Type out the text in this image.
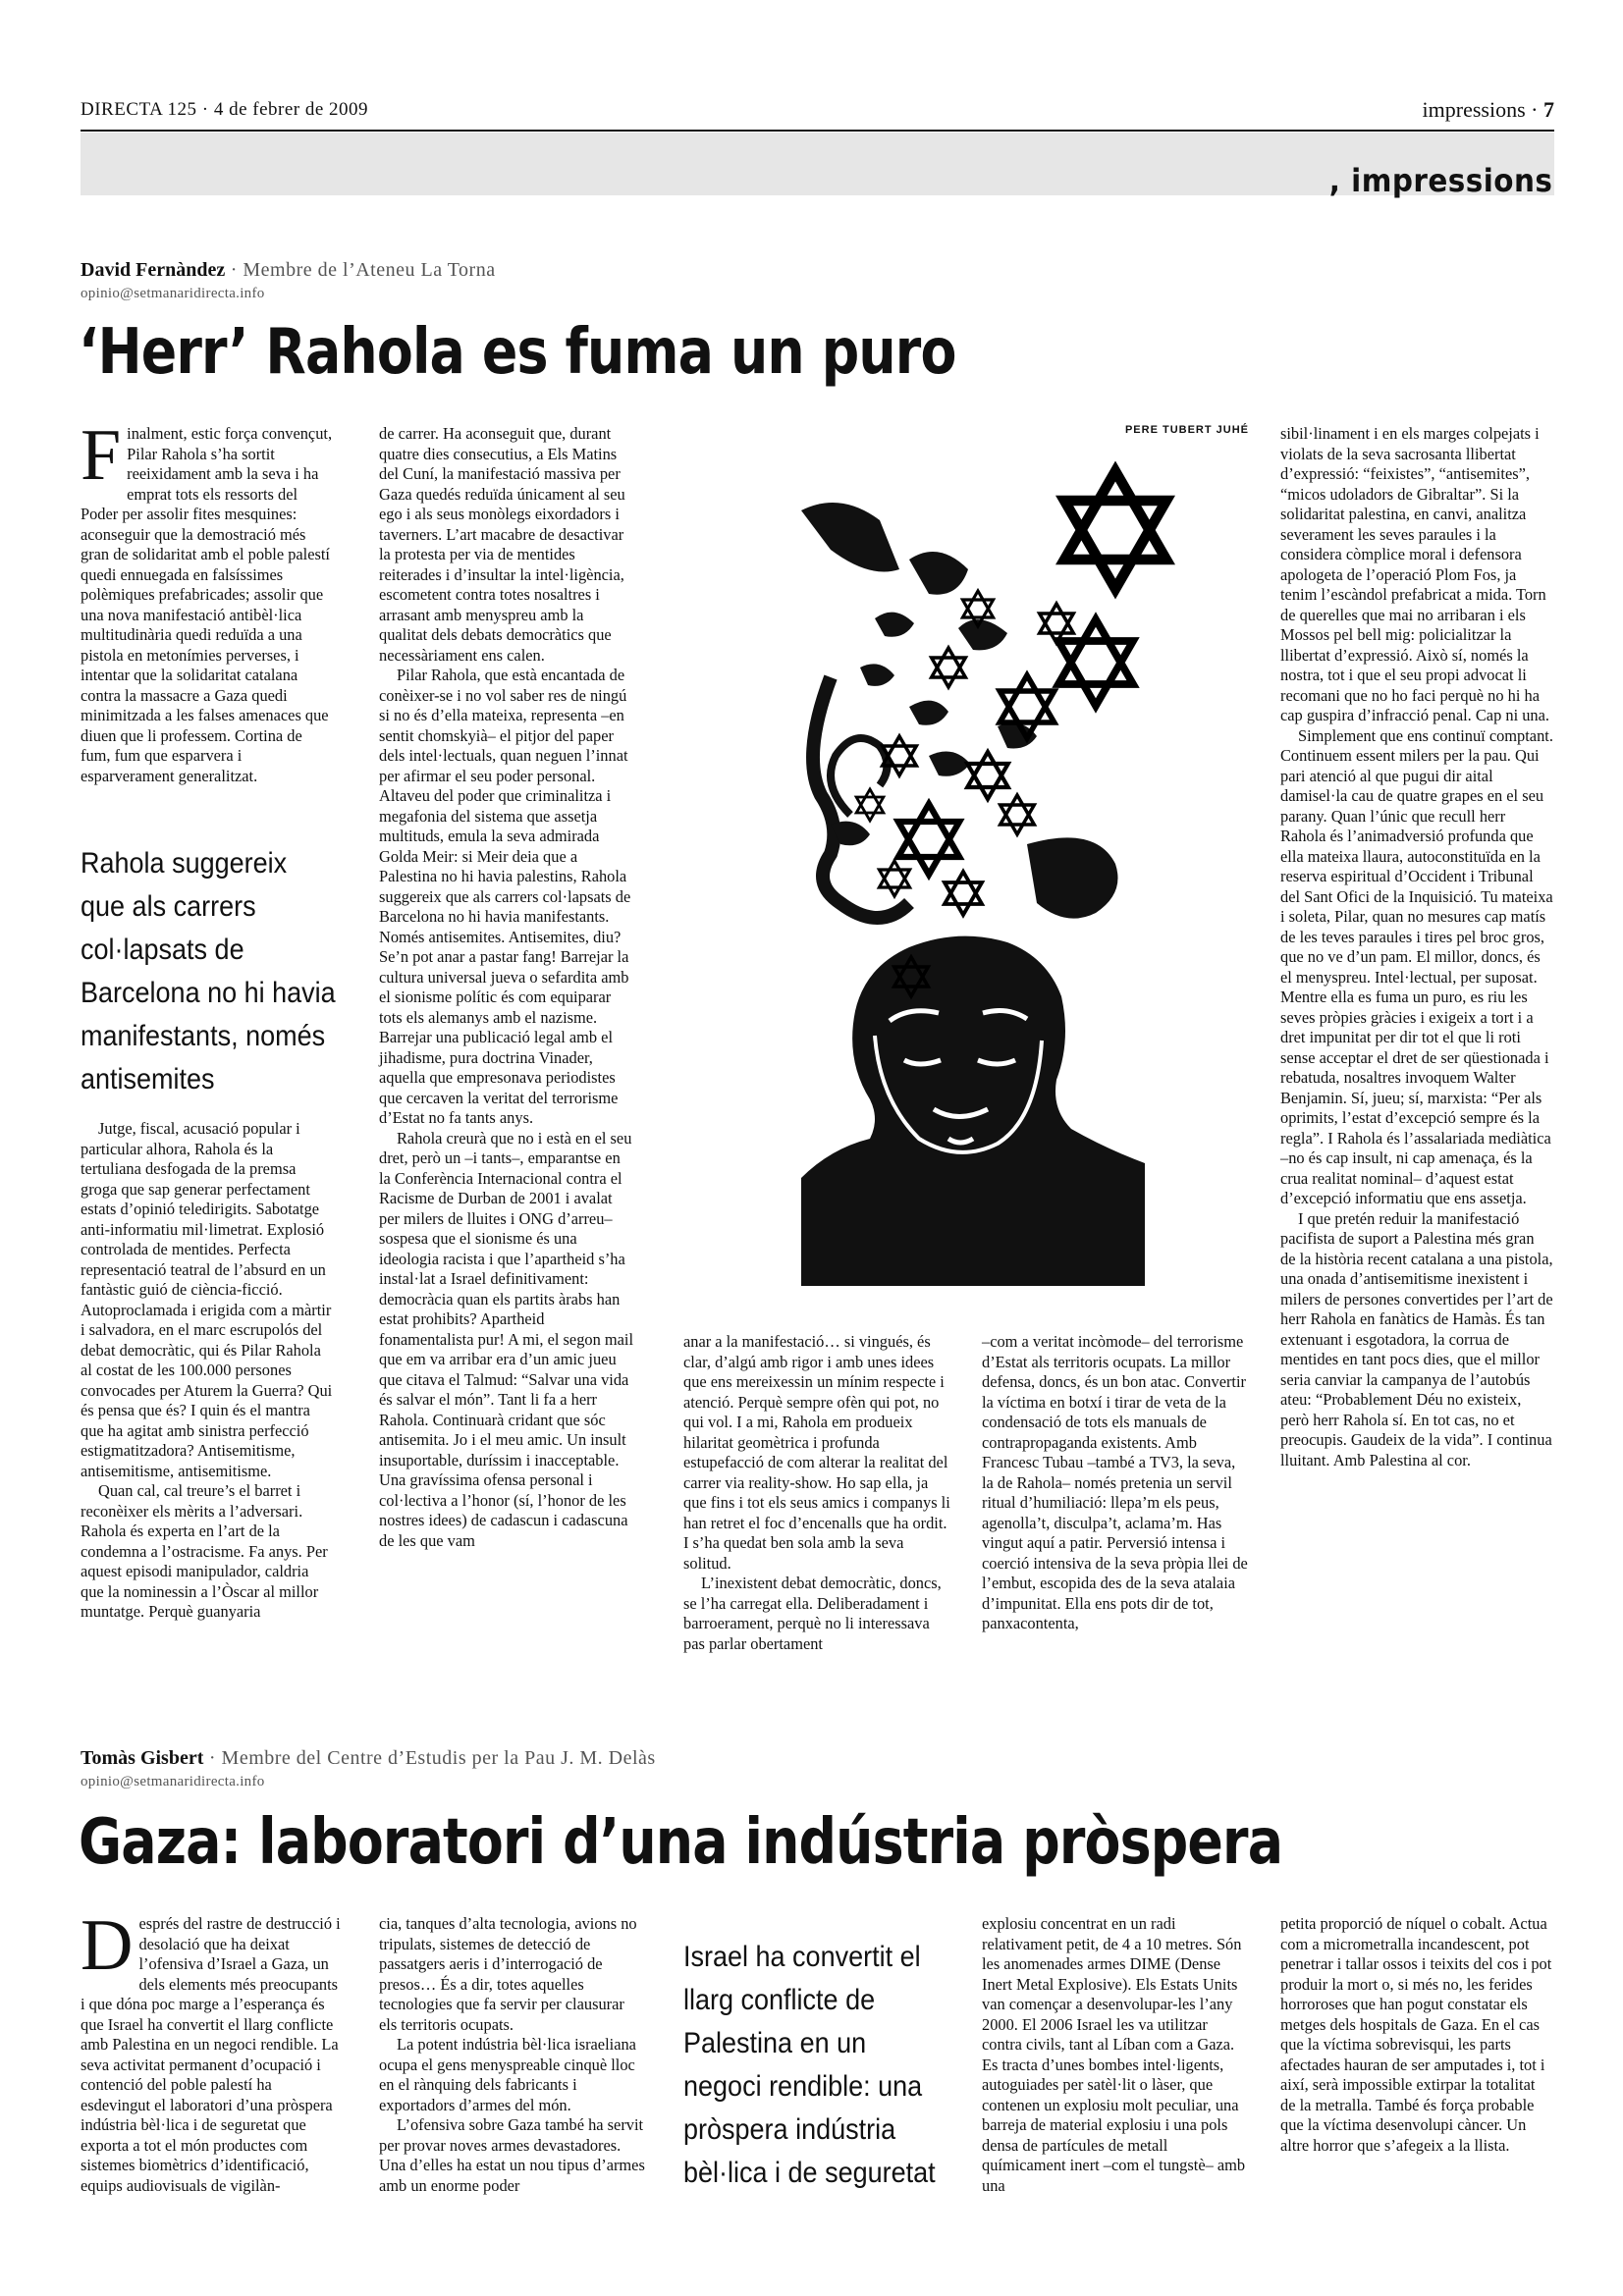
DIRECTA 125 · 4 de febrer de 2009	impressions · 7
, impressions
David Fernàndez · Membre de l’Ateneu La Torna
opinio@setmanaridirecta.info
‘Herr’ Rahola es fuma un puro

Finalment, estic força convençut, Pilar Rahola s’ha sortit reeixidament amb la seva i ha emprat tots els ressorts del Poder per assolir fites mesquines: aconseguir que la demostració més gran de solidaritat amb el poble palestí quedi ennuegada en falsíssimes polèmiques prefabricades; assolir que una nova manifestació antibèl·lica multitudinària quedi reduïda a una pistola en metonímies perverses, i intentar que la solidaritat catalana contra la massacre a Gaza quedi minimitzada a les falses amenaces que diuen que li professem. Cortina de fum, fum que esparvera i esparverament generalitzat.

Rahola suggereix que als carrers col·lapsats de Barcelona no hi havia manifestants, només antisemites

Jutge, fiscal, acusació popular i particular alhora, Rahola és la tertuliana desfogada de la premsa groga que sap generar perfectament estats d’opinió teledirigits. Sabotatge anti-informatiu mil·limetrat. Explosió controlada de mentides. Perfecta representació teatral de l’absurd en un fantàstic guió de ciència-ficció. Autoproclamada i erigida com a màrtir i salvadora, en el marc escrupolós del debat democràtic, qui és Pilar Rahola al costat de les 100.000 persones convocades per Aturem la Guerra? Qui és pensa que és? I quin és el mantra que ha agitat amb sinistra perfecció estigmatitzadora? Antisemitisme, antisemitisme, antisemitisme.

Quan cal, cal treure’s el barret i reconèixer els mèrits a l’adversari. Rahola és experta en l’art de la condemna a l’ostracisme. Fa anys. Per aquest episodi manipulador, caldria que la nominessin a l’Òscar al millor muntatge. Perquè guanyaria

de carrer. Ha aconseguit que, durant quatre dies consecutius, a Els Matins del Cuní, la manifestació massiva per Gaza quedés reduïda únicament al seu ego i als seus monòlegs eixordadors i taverners. L’art macabre de desactivar la protesta per via de mentides reiterades i d’insultar la intel·ligència, escometent contra totes nosaltres i arrasant amb menyspreu amb la qualitat dels debats democràtics que necessàriament ens calen.

Pilar Rahola, que està encantada de conèixer-se i no vol saber res de ningú si no és d’ella mateixa, representa –en sentit chomskyià– el pitjor del paper dels intel·lectuals, quan neguen l’innat per afirmar el seu poder personal. Altaveu del poder que criminalitza i megafonia del sistema que assetja multituds, emula la seva admirada Golda Meir: si Meir deia que a Palestina no hi havia palestins, Rahola suggereix que als carrers col·lapsats de Barcelona no hi havia manifestants. Només antisemites. Antisemites, diu? Se’n pot anar a pastar fang! Barrejar la cultura universal jueva o sefardita amb el sionisme polític és com equiparar tots els alemanys amb el nazisme. Barrejar una publicació legal amb el jihadisme, pura doctrina Vinader, aquella que empresonava periodistes que cercaven la veritat del terrorisme d’Estat no fa tants anys.

Rahola creurà que no i està en el seu dret, però un –i tants–, emparantse en la Conferència Internacional contra el Racisme de Durban de 2001 i avalat per milers de lluites i ONG d’arreu– sospesa que el sionisme és una ideologia racista i que l’apartheid s’ha instal·lat a Israel definitivament: democràcia quan els partits àrabs han estat prohibits? Apartheid fonamentalista pur! A mi, el segon mail que em va arribar era d’un amic jueu que citava el Talmud: “Salvar una vida és salvar el món”. Tant li fa a herr Rahola. Continuarà cridant que sóc antisemita. Jo i el meu amic. Un insult insuportable, duríssim i inacceptable. Una gravíssima ofensa personal i col·lectiva a l’honor (sí, l’honor de les nostres idees) de cadascun i cadascuna de les que vam

PERE TUBERT JUHÉ

anar a la manifestació… si vingués, és clar, d’algú amb rigor i amb unes idees que ens mereixessin un mínim respecte i atenció. Perquè sempre ofèn qui pot, no qui vol. I a mi, Rahola em produeix hilaritat geomètrica i profunda estupefacció de com alterar la realitat del carrer via reality-show. Ho sap ella, ja que fins i tot els seus amics i companys li han retret el foc d’encenalls que ha ordit. I s’ha quedat ben sola amb la seva solitud.

L’inexistent debat democràtic, doncs, se l’ha carregat ella. Deliberadament i barroerament, perquè no li interessava pas parlar obertament

–com a veritat incòmode– del terrorisme d’Estat als territoris ocupats. La millor defensa, doncs, és un bon atac. Convertir la víctima en botxí i tirar de veta de la condensació de tots els manuals de contrapropaganda existents. Amb Francesc Tubau –també a TV3, la seva, la de Rahola– només pretenia un servil ritual d’humiliació: llepa’m els peus, agenolla’t, disculpa’t, aclama’m. Has vingut aquí a patir. Perversió intensa i coerció intensiva de la seva pròpia llei de l’embut, escopida des de la seva atalaia d’impunitat. Ella ens pots dir de tot, panxacontenta,

sibil·linament i en els marges colpejats i violats de la seva sacrosanta llibertat d’expressió: “feixistes”, “antisemites”, “micos udoladors de Gibraltar”. Si la solidaritat palestina, en canvi, analitza severament les seves paraules i la considera còmplice moral i defensora apologeta de l’operació Plom Fos, ja tenim l’escàndol prefabricat a mida. Torn de querelles que mai no arribaran i els Mossos pel bell mig: policialitzar la llibertat d’expressió. Això sí, només la nostra, tot i que el seu propi advocat li recomani que no ho faci perquè no hi ha cap guspira d’infracció penal. Cap ni una.

Simplement que ens continuï comptant. Continuem essent milers per la pau. Qui pari atenció al que pugui dir aital damisel·la cau de quatre grapes en el seu parany. Quan l’únic que recull herr Rahola és l’animadversió profunda que ella mateixa llaura, autoconstituïda en la reserva espiritual d’Occident i Tribunal del Sant Ofici de la Inquisició. Tu mateixa i soleta, Pilar, quan no mesures cap matís de les teves paraules i tires pel broc gros, que no ve d’un pam. El millor, doncs, és el menyspreu. Intel·lectual, per suposat. Mentre ella es fuma un puro, es riu les seves pròpies gràcies i exigeix a tort i a dret impunitat per dir tot el que li roti sense acceptar el dret de ser qüestionada i rebatuda, nosaltres invoquem Walter Benjamin. Sí, jueu; sí, marxista: “Per als oprimits, l’estat d’excepció sempre és la regla”. I Rahola és l’assalariada mediàtica –no és cap insult, ni cap amenaça, és la crua realitat nominal– d’aquest estat d’excepció informatiu que ens assetja.

I que pretén reduir la manifestació pacifista de suport a Palestina més gran de la història recent catalana a una pistola, una onada d’antisemitisme inexistent i milers de persones convertides per l’art de herr Rahola en fanàtics de Hamàs. És tan extenuant i esgotadora, la corrua de mentides en tant pocs dies, que el millor seria canviar la campanya de l’autobús ateu: “Probablement Déu no existeix, però herr Rahola sí. En tot cas, no et preocupis. Gaudeix de la vida”. I continua lluitant. Amb Palestina al cor.

Tomàs Gisbert · Membre del Centre d’Estudis per la Pau J. M. Delàs
opinio@setmanaridirecta.info
Gaza: laboratori d’una indústria pròspera

Després del rastre de destrucció i desolació que ha deixat l’ofensiva d’Israel a Gaza, un dels elements més preocupants i que dóna poc marge a l’esperança és que Israel ha convertit el llarg conflicte amb Palestina en un negoci rendible. La seva activitat permanent d’ocupació i contenció del poble palestí ha esdevingut el laboratori d’una pròspera indústria bèl·lica i de seguretat que exporta a tot el món productes com sistemes biomètrics d’identificació, equips audiovisuals de vigilàn-

cia, tanques d’alta tecnologia, avions no tripulats, sistemes de detecció de passatgers aeris i d’interrogació de presos… És a dir, totes aquelles tecnologies que fa servir per clausurar els territoris ocupats.

La potent indústria bèl·lica israeliana ocupa el gens menyspreable cinquè lloc en el rànquing dels fabricants i exportadors d’armes del món.

L’ofensiva sobre Gaza també ha servit per provar noves armes devastadores. Una d’elles ha estat un nou tipus d’armes amb un enorme poder

Israel ha convertit el llarg conflicte de Palestina en un negoci rendible: una pròspera indústria bèl·lica i de seguretat

explosiu concentrat en un radi relativament petit, de 4 a 10 metres. Són les anomenades armes DIME (Dense Inert Metal Explosive). Els Estats Units van començar a desenvolupar-les l’any 2000. El 2006 Israel les va utilitzar contra civils, tant al Líban com a Gaza. Es tracta d’unes bombes intel·ligents, autoguiades per satèl·lit o làser, que contenen un explosiu molt peculiar, una barreja de material explosiu i una pols densa de partícules de metall químicament inert –com el tungstè– amb una

petita proporció de níquel o cobalt. Actua com a micrometralla incandescent, pot penetrar i tallar ossos i teixits del cos i pot produir la mort o, si més no, les ferides horroroses que han pogut constatar els metges dels hospitals de Gaza. En el cas que la víctima sobrevisqui, les parts afectades hauran de ser amputades i, tot i així, serà impossible extirpar la totalitat de la metralla. També és força probable que la víctima desenvolupi càncer. Un altre horror que s’afegeix a la llista.
